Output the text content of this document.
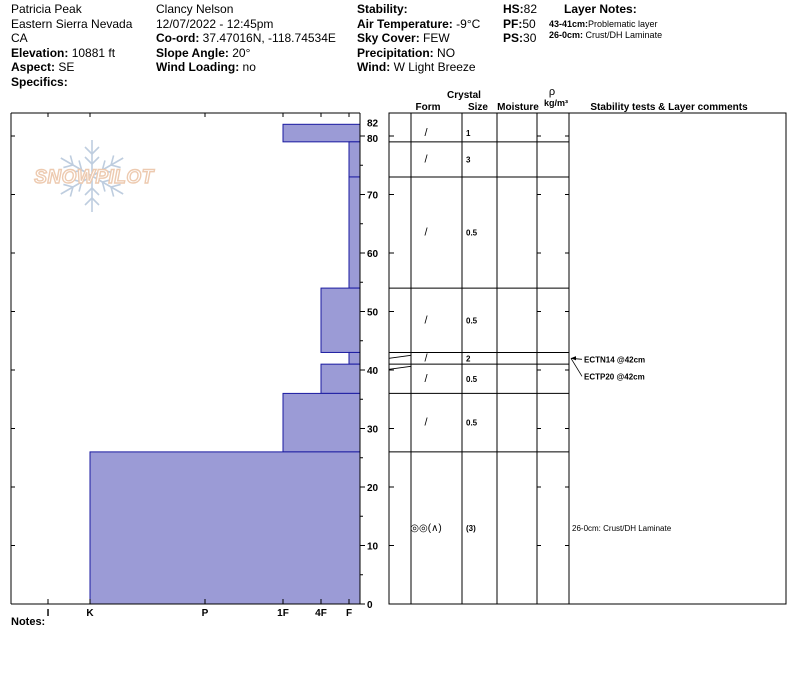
Patricia Peak
Eastern Sierra Nevada
CA
Elevation: 10881 ft
Aspect: SE
Specifics:
Clancy Nelson
12/07/2022 - 12:45pm
Co-ord: 37.47016N, -118.74534E
Slope Angle: 20°
Wind Loading: no
Stability:
Air Temperature: -9°C
Sky Cover: FEW
Precipitation: NO
Wind: W Light Breeze
HS:82
PF:50
PS:30
Layer Notes:
43-41cm:Problematic layer
26-0cm: Crust/DH Laminate
SNOWPILOT
0
10
20
30
40
50
60
70
80
82
I	K	P	1F	4F F
Crystal
Form	Size Moisture
ρ
kg/m³ Stability tests & Layer comments
/	1
/	3
/	0.5
/	0.5
/	2
/	0.5
/	0.5
◎◎(∧)	(3)	26-0cm: Crust/DH Laminate
ECTN14 @42cm
ECTP20 @42cm
Notes:
